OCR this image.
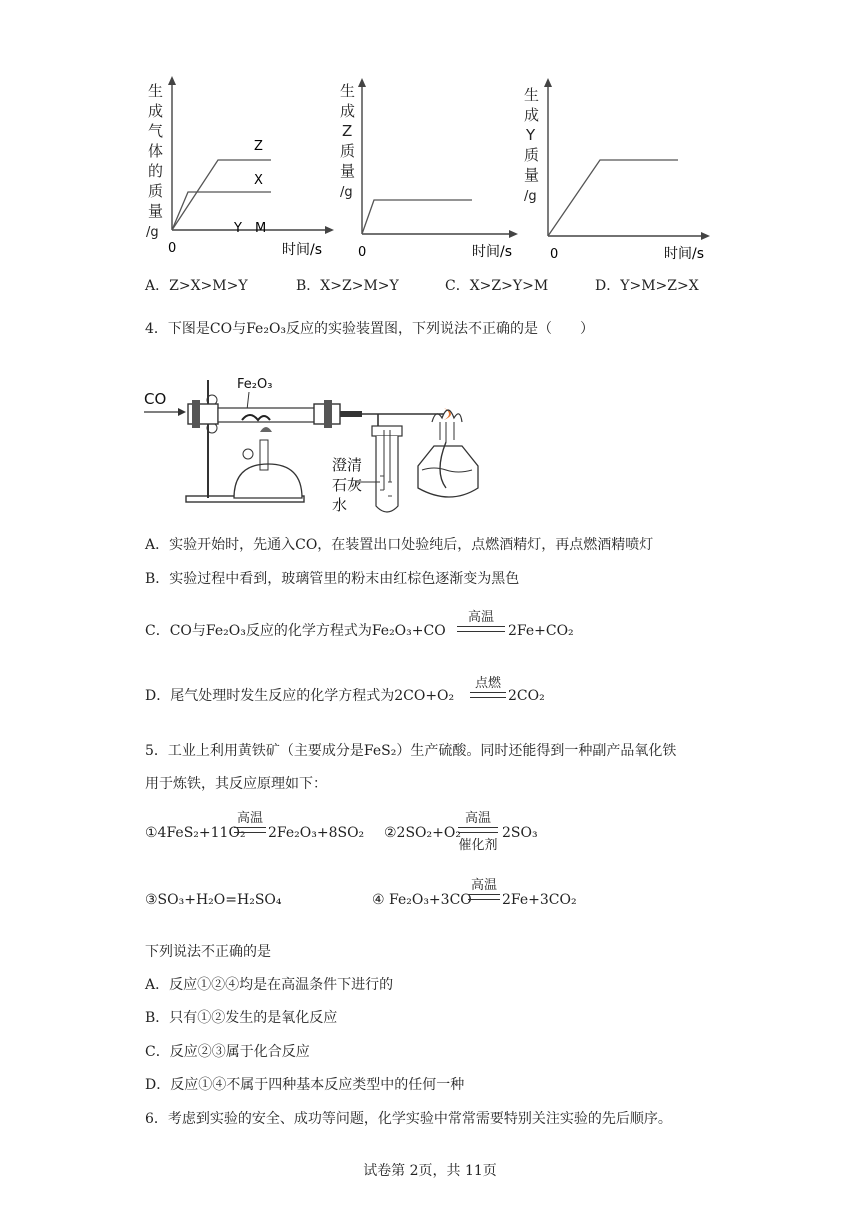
生
成
气
体
的
质
量
/g
Z
X
Y M
0	时间/s
生
成
Z
质
量
/g
0	时间/s
生
成
Y
质
量
/g
0	时间/s
A．Z>X>M>Y	B．X>Z>M>Y	C．X>Z>Y>M	D．Y>M>Z>X
4．下图是CO与Fe₂O₃反应的实验装置图，下列说法不正确的是（　　）
CO
Fe₂O₃
澄清
石灰
水
A．实验开始时，先通入CO，在装置出口处验纯后，点燃酒精灯，再点燃酒精喷灯
B．实验过程中看到，玻璃管里的粉末由红棕色逐渐变为黑色
C．CO与Fe₂O₃反应的化学方程式为Fe₂O₃+CO
高温
2Fe+CO₂
D．尾气处理时发生反应的化学方程式为2CO+O₂
点燃
2CO₂
5．工业上利用黄铁矿（主要成分是FeS₂）生产硫酸。同时还能得到一种副产品氧化铁
用于炼铁，其反应原理如下：
①4FeS₂+11O₂
高温
2Fe₂O₃+8SO₂ ②2SO₂+O₂
高温
催化剂
2SO₃
③SO₃+H₂O=H₂SO₄	④ Fe₂O₃+3CO
高温
2Fe+3CO₂
下列说法不正确的是
A．反应①②④均是在高温条件下进行的
B．只有①②发生的是氧化反应
C．反应②③属于化合反应
D．反应①④不属于四种基本反应类型中的任何一种
6．考虑到实验的安全、成功等问题，化学实验中常常需要特别关注实验的先后顺序。
试卷第 2页，共 11页
